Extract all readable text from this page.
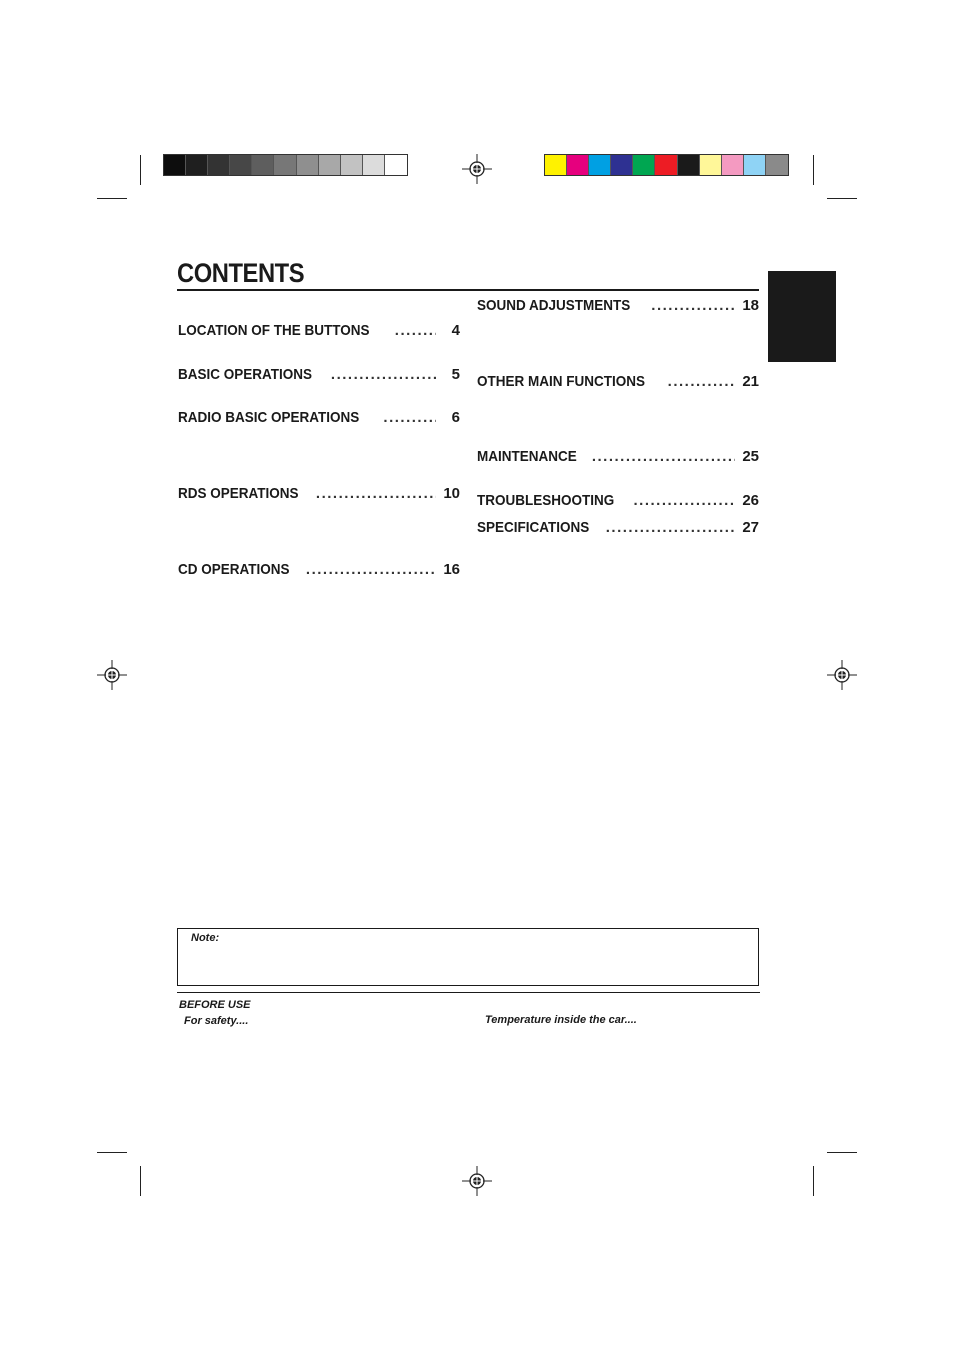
CONTENTS
LOCATION OF THE BUTTONS .....	4
BASIC OPERATIONS .....	5
RADIO BASIC OPERATIONS .....	6
RDS OPERATIONS .....	10
CD OPERATIONS .....	16
SOUND ADJUSTMENTS .....	18
OTHER MAIN FUNCTIONS .....	21
MAINTENANCE .....	25
TROUBLESHOOTING .....	26
SPECIFICATIONS .....	27
Note:
BEFORE USE
For safety....	Temperature inside the car....
